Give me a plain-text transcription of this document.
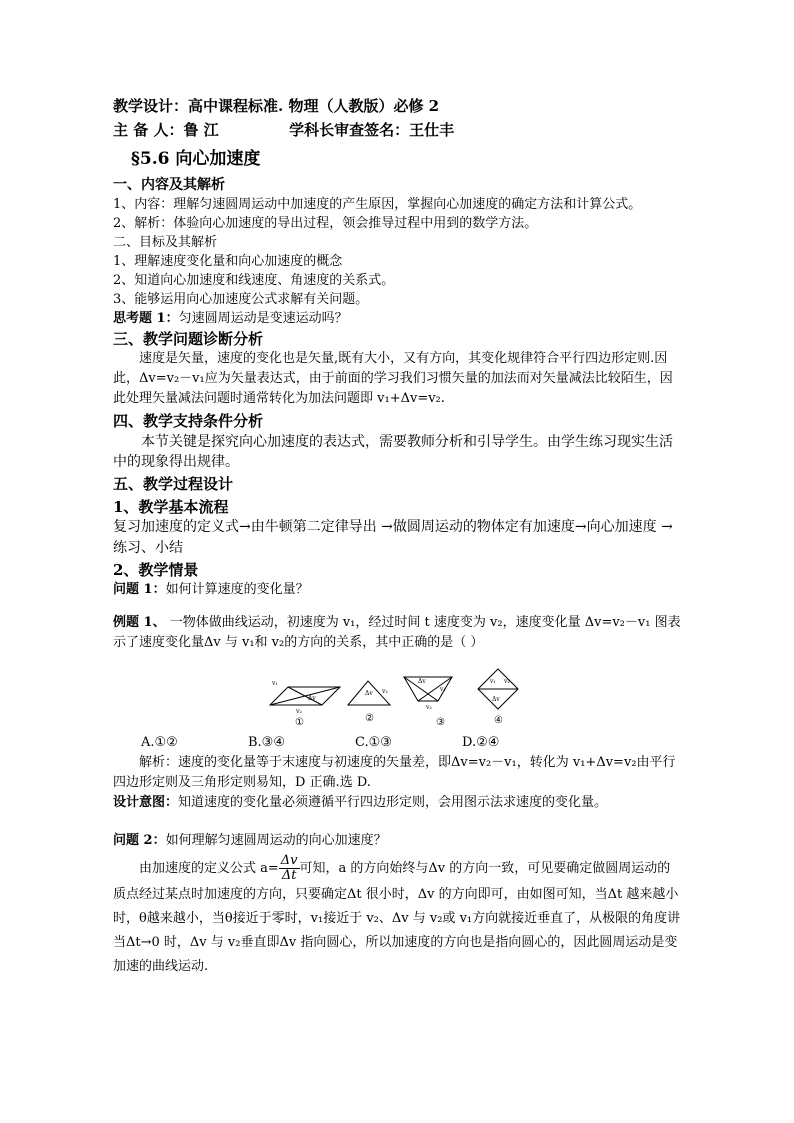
教学设计：高中课程标准. 物理（人教版）必修 2
主 备 人：鲁 江	学科长审查签名：王仕丰
§5.6 向心加速度
一、内容及其解析
1、内容：理解匀速圆周运动中加速度的产生原因，掌握向心加速度的确定方法和计算公式。
2、解析：体验向心加速度的导出过程，领会推导过程中用到的数学方法。
二、目标及其解析
1、理解速度变化量和向心加速度的概念
2、知道向心加速度和线速度、角速度的关系式。
3、能够运用向心加速度公式求解有关问题。
思考题 1：匀速圆周运动是变速运动吗？
三、教学问题诊断分析
速度是矢量，速度的变化也是矢量,既有大小，又有方向，其变化规律符合平行四边形定则.因此，Δv=v₂－v₁应为矢量表达式，由于前面的学习我们习惯矢量的加法而对矢量减法比较陌生，因此处理矢量减法问题时通常转化为加法问题即 v₁+Δv=v₂.
四、教学支持条件分析
本节关键是探究向心加速度的表达式，需要教师分析和引导学生。由学生练习现实生活中的现象得出规律。
五、教学过程设计
1、教学基本流程
复习加速度的定义式→由牛顿第二定律导出 →做圆周运动的物体定有加速度→向心加速度 → 练习、小结
2、教学情景
问题 1：如何计算速度的变化量？
例题 1、 一物体做曲线运动，初速度为 v₁，经过时间 t 速度变为 v₂，速度变化量 Δv=v₂－v₁ 图表示了速度变化量Δv 与 v₁和 v₂的方向的关系，其中正确的是（ ）
v₁
v₂
Δv
①
Δv v₂
②
Δv
v₁
v₂
③
v₁ v₂
Δv
④
A.①②	B.③④	C.①③	D.②④
解析：速度的变化量等于末速度与初速度的矢量差，即Δv=v₂－v₁，转化为 v₁+Δv=v₂由平行四边形定则及三角形定则易知，D 正确.选 D.
设计意图：知道速度的变化量必须遵循平行四边形定则，会用图示法求速度的变化量。
问题 2：如何理解匀速圆周运动的向心加速度？
由加速度的定义公式 $a= \frac{\Delta v}{\Delta t}$ 可知，a 的方向始终与Δv 的方向一致，可见要确定做圆周运动的质点经过某点时加速度的方向，只要确定Δt 很小时，Δv 的方向即可，由如图可知，当Δt 越来越小时，θ越来越小，当θ接近于零时，v₁接近于 v₂、Δv 与 v₂或 v₁方向就接近垂直了，从极限的角度讲当Δt→0 时，Δv 与 v₂垂直即Δv 指向圆心，所以加速度的方向也是指向圆心的，因此圆周运动是变加速的曲线运动.
